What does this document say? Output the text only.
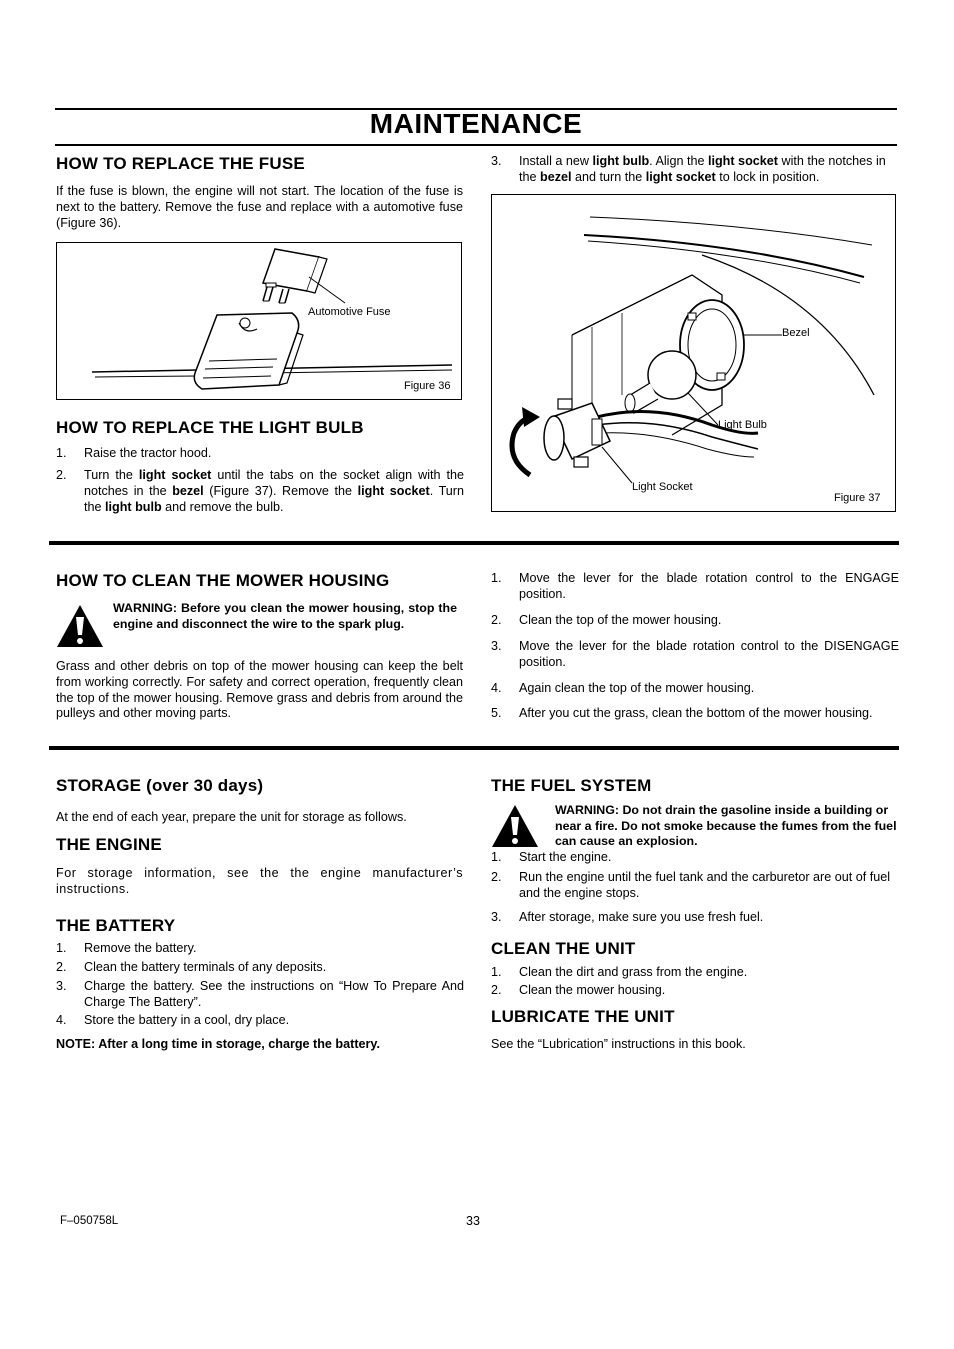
MAINTENANCE
HOW TO REPLACE THE FUSE

If the fuse is blown, the engine will not start. The location of the fuse is next to the battery. Remove the fuse and replace with a automotive fuse (Figure 36).

Automotive Fuse
Figure 36
HOW TO REPLACE THE LIGHT BULB
1. Raise the tractor hood.
2. Turn the light socket until the tabs on the socket align with the notches in the bezel (Figure 37). Remove the light socket. Turn the light bulb and remove the bulb.
3. Install a new light bulb. Align the light socket with the notches in the bezel and turn the light socket to lock in position.
Bezel
Light Bulb
Light Socket
Figure 37
HOW TO CLEAN THE MOWER HOUSING
WARNING: Before you clean the mower housing, stop the engine and disconnect the wire to the spark plug.

Grass and other debris on top of the mower housing can keep the belt from working correctly. For safety and correct operation, frequently clean the top of the mower housing. Remove grass and debris from around the pulleys and other moving parts.

1. Move the lever for the blade rotation control to the ENGAGE position.
2. Clean the top of the mower housing.
3. Move the lever for the blade rotation control to the DISENGAGE position.
4. Again clean the top of the mower housing.
5. After you cut the grass, clean the bottom of the mower housing.
STORAGE (over 30 days)

At the end of each year, prepare the unit for storage as follows.

THE ENGINE

For storage information, see the the engine manufacturer’s instructions.

THE BATTERY
1. Remove the battery.
2. Clean the battery terminals of any deposits.
3. Charge the battery. See the instructions on “How To Prepare And Charge The Battery”.
4. Store the battery in a cool, dry place.

NOTE: After a long time in storage, charge the battery.

THE FUEL SYSTEM
WARNING: Do not drain the gasoline inside a building or near a fire. Do not smoke because the fumes from the fuel can cause an explosion.
1. Start the engine.
2. Run the engine until the fuel tank and the carburetor are out of fuel and the engine stops.
3. After storage, make sure you use fresh fuel.
CLEAN THE UNIT
1. Clean the dirt and grass from the engine.
2. Clean the mower housing.
LUBRICATE THE UNIT

See the “Lubrication” instructions in this book.

F–050758L	33
